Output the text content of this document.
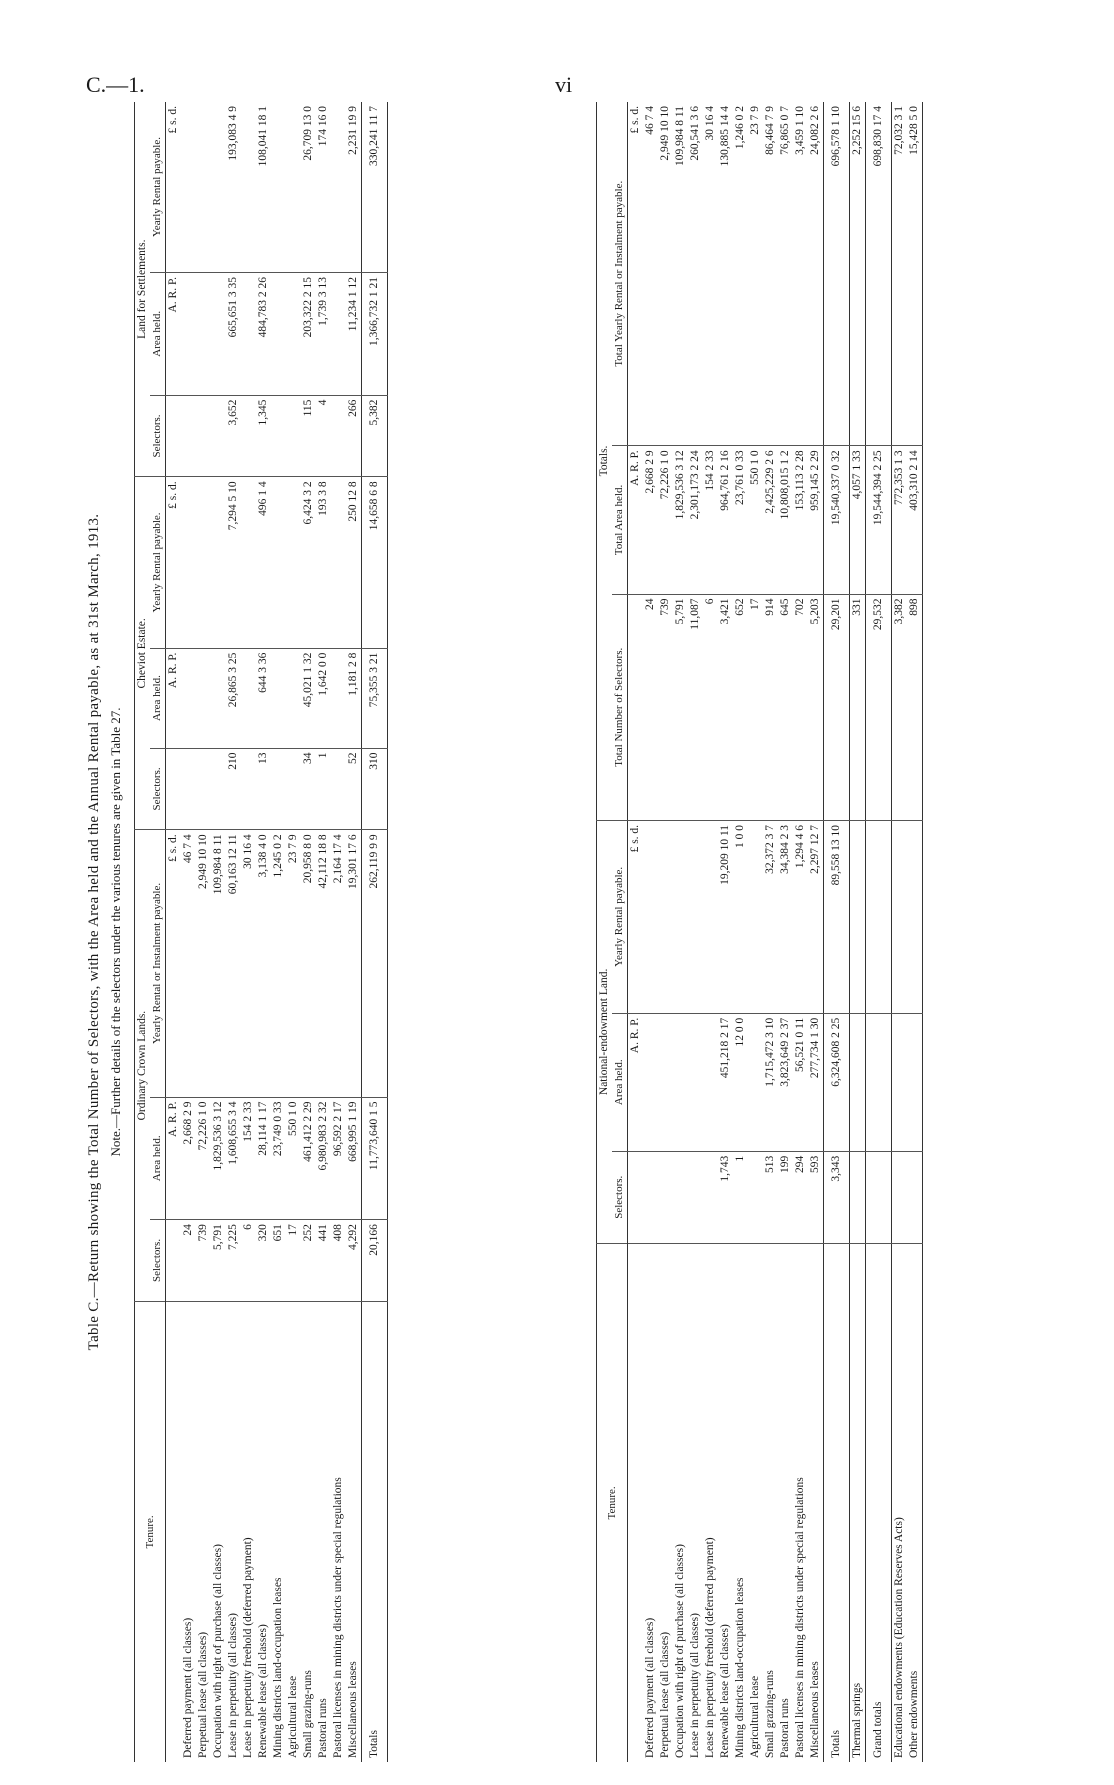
C.—1.	vi
Table C.—Return showing the Total Number of Selectors, with the Area held and the Annual Rental payable, as at 31st March, 1913. Note.—Further details of the selectors under the various tenures are given in Table 27.
Tenure.	Ordinary Crown Lands.			Cheviot Estate.			Land for Settlements.		
	Selectors.	Area held.	Yearly Rental or Instalment payable.	Selectors.	Area held.	Yearly Rental payable.	Selectors.	Area held.	Yearly Rental payable.
		A. R. P.	£ s. d.		A. R. P.	£ s. d.		A. R. P.	£ s. d.
Deferred payment (all classes)	24	2,668 2 9	46 7 4						
Perpetual lease (all classes)	739	72,226 1 0	2,949 10 10						
Occupation with right of purchase (all classes)	5,791	1,829,536 3 12	109,984 8 11						
Lease in perpetuity (all classes)	7,225	1,608,655 3 4	60,163 12 11	210	26,865 3 25	7,294 5 10	3,652	665,651 3 35	193,083 4 9
Lease in perpetuity freehold (deferred payment)	6	154 2 33	30 16 4						
Renewable lease (all classes)	320	28,114 1 17	3,138 4 0	13	644 3 36	496 1 4	1,345	484,783 2 26	108,041 18 1
Mining districts land-occupation leases	651	23,749 0 33	1,245 0 2						
Agricultural lease	17	550 1 0	23 7 9						
Small grazing-runs	252	461,412 2 29	20,958 8 0	34	45,021 1 32	6,424 3 2	115	203,322 2 15	26,709 13 0
Pastoral runs	441	6,980,983 2 32	42,112 18 8	1	1,642 0 0	193 3 8	4	1,739 3 13	174 16 0
Pastoral licenses in mining districts under special regulations	408	96,592 2 17	2,164 17 4						
Miscellaneous leases	4,292	668,995 1 19	19,301 17 6	52	1,181 2 8	250 12 8	266	11,234 1 12	2,231 19 9
Totals	20,166	11,773,640 1 5	262,119 9 9	310	75,355 3 21	14,658 6 8	5,382	1,366,732 1 21	330,241 11 7
Tenure.	National-endowment Land.			Totals.		
	Selectors.	Area held.	Yearly Rental payable.	Total Number of Selectors.	Total Area held.	Total Yearly Rental or Instalment payable.
		A. R. P.	£ s. d.		A. R. P.	£ s. d.
Deferred payment (all classes)				24	2,668 2 9	46 7 4
Perpetual lease (all classes)				739	72,226 1 0	2,949 10 10
Occupation with right of purchase (all classes)				5,791	1,829,536 3 12	109,984 8 11
Lease in perpetuity (all classes)				11,087	2,301,173 2 24	260,541 3 6
Lease in perpetuity freehold (deferred payment)				6	154 2 33	30 16 4
Renewable lease (all classes)	1,743	451,218 2 17	19,209 10 11	3,421	964,761 2 16	130,885 14 4
Mining districts land-occupation leases	1	12 0 0	1 0 0	652	23,761 0 33	1,246 0 2
Agricultural lease				17	550 1 0	23 7 9
Small grazing-runs	513	1,715,472 3 10	32,372 3 7	914	2,425,229 2 6	86,464 7 9
Pastoral runs	199	3,823,649 2 37	34,384 2 3	645	10,808,015 1 2	76,865 0 7
Pastoral licenses in mining districts under special regulations	294	56,521 0 11	1,294 4 6	702	153,113 2 28	3,459 1 10
Miscellaneous leases	593	277,734 1 30	2,297 12 7	5,203	959,145 2 29	24,082 2 6
Totals	3,343	6,324,608 2 25	89,558 13 10	29,201	19,540,337 0 32	696,578 1 10
Thermal springs				331	4,057 1 33	2,252 15 6
Grand totals				29,532	19,544,394 2 25	698,830 17 4
Educational endowments (Education Reserves Acts)				3,382	772,353 1 3	72,032 3 1
Other endowments				898	403,310 2 14	15,428 5 0
